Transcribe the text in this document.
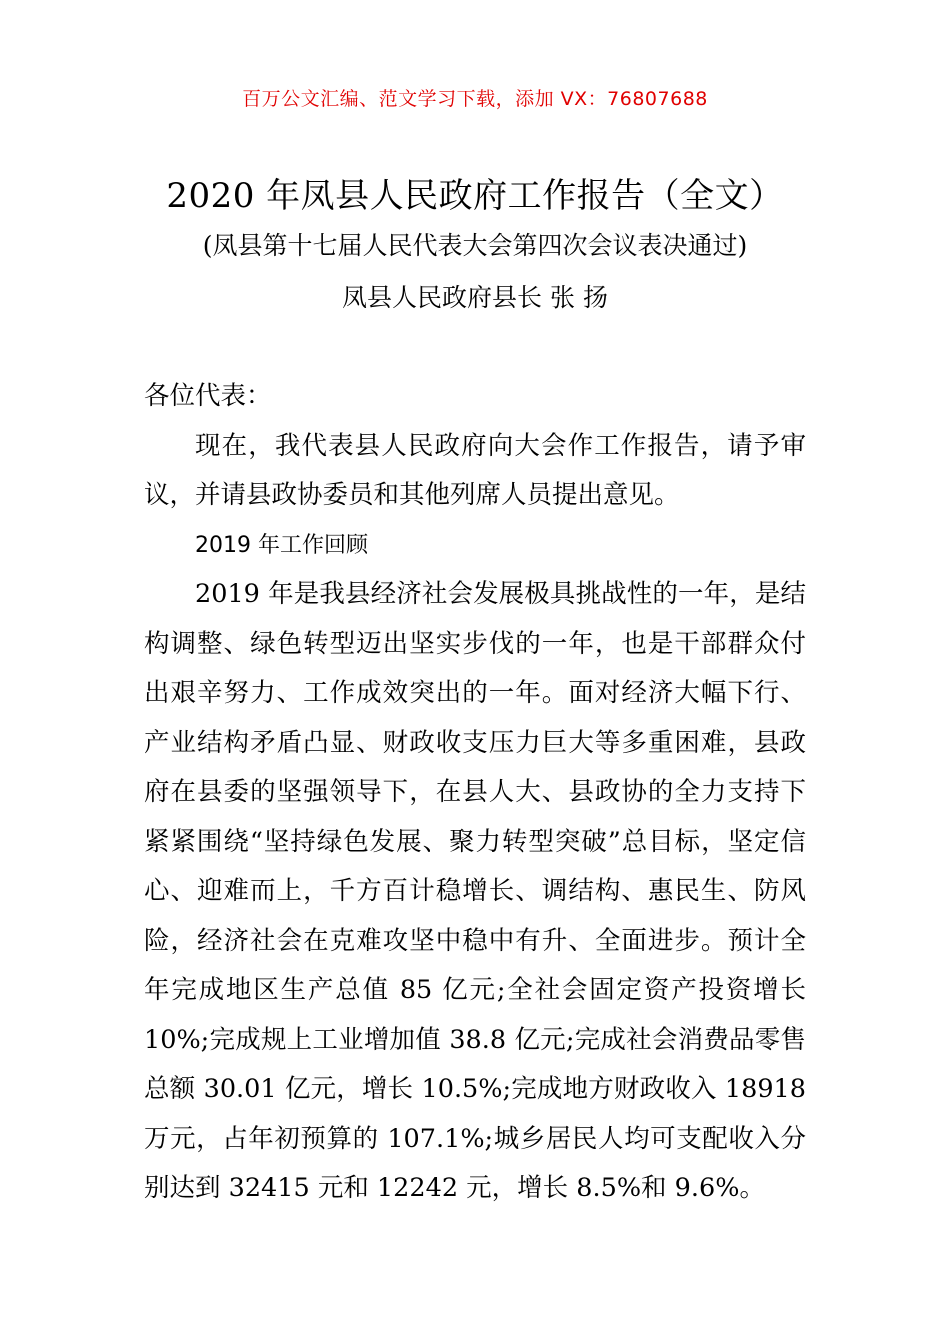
百万公文汇编、范文学习下载，添加 VX：76807688
2020 年凤县人民政府工作报告（全文）
(凤县第十七届人民代表大会第四次会议表决通过)
凤县人民政府县长 张 扬

各位代表：

现在，我代表县人民政府向大会作工作报告，请予审议，并请县政协委员和其他列席人员提出意见。

2019 年工作回顾

2019 年是我县经济社会发展极具挑战性的一年，是结构调整、绿色转型迈出坚实步伐的一年，也是干部群众付出艰辛努力、工作成效突出的一年。面对经济大幅下行、产业结构矛盾凸显、财政收支压力巨大等多重困难，县政府在县委的坚强领导下，在县人大、县政协的全力支持下紧紧围绕“坚持绿色发展、聚力转型突破”总目标，坚定信心、迎难而上，千方百计稳增长、调结构、惠民生、防风险，经济社会在克难攻坚中稳中有升、全面进步。预计全年完成地区生产总值 85 亿元;全社会固定资产投资增长 10%;完成规上工业增加值 38.8 亿元;完成社会消费品零售总额 30.01 亿元，增长 10.5%;完成地方财政收入 18918 万元，占年初预算的 107.1%;城乡居民人均可支配收入分别达到 32415 元和 12242 元，增长 8.5%和 9.6%。
